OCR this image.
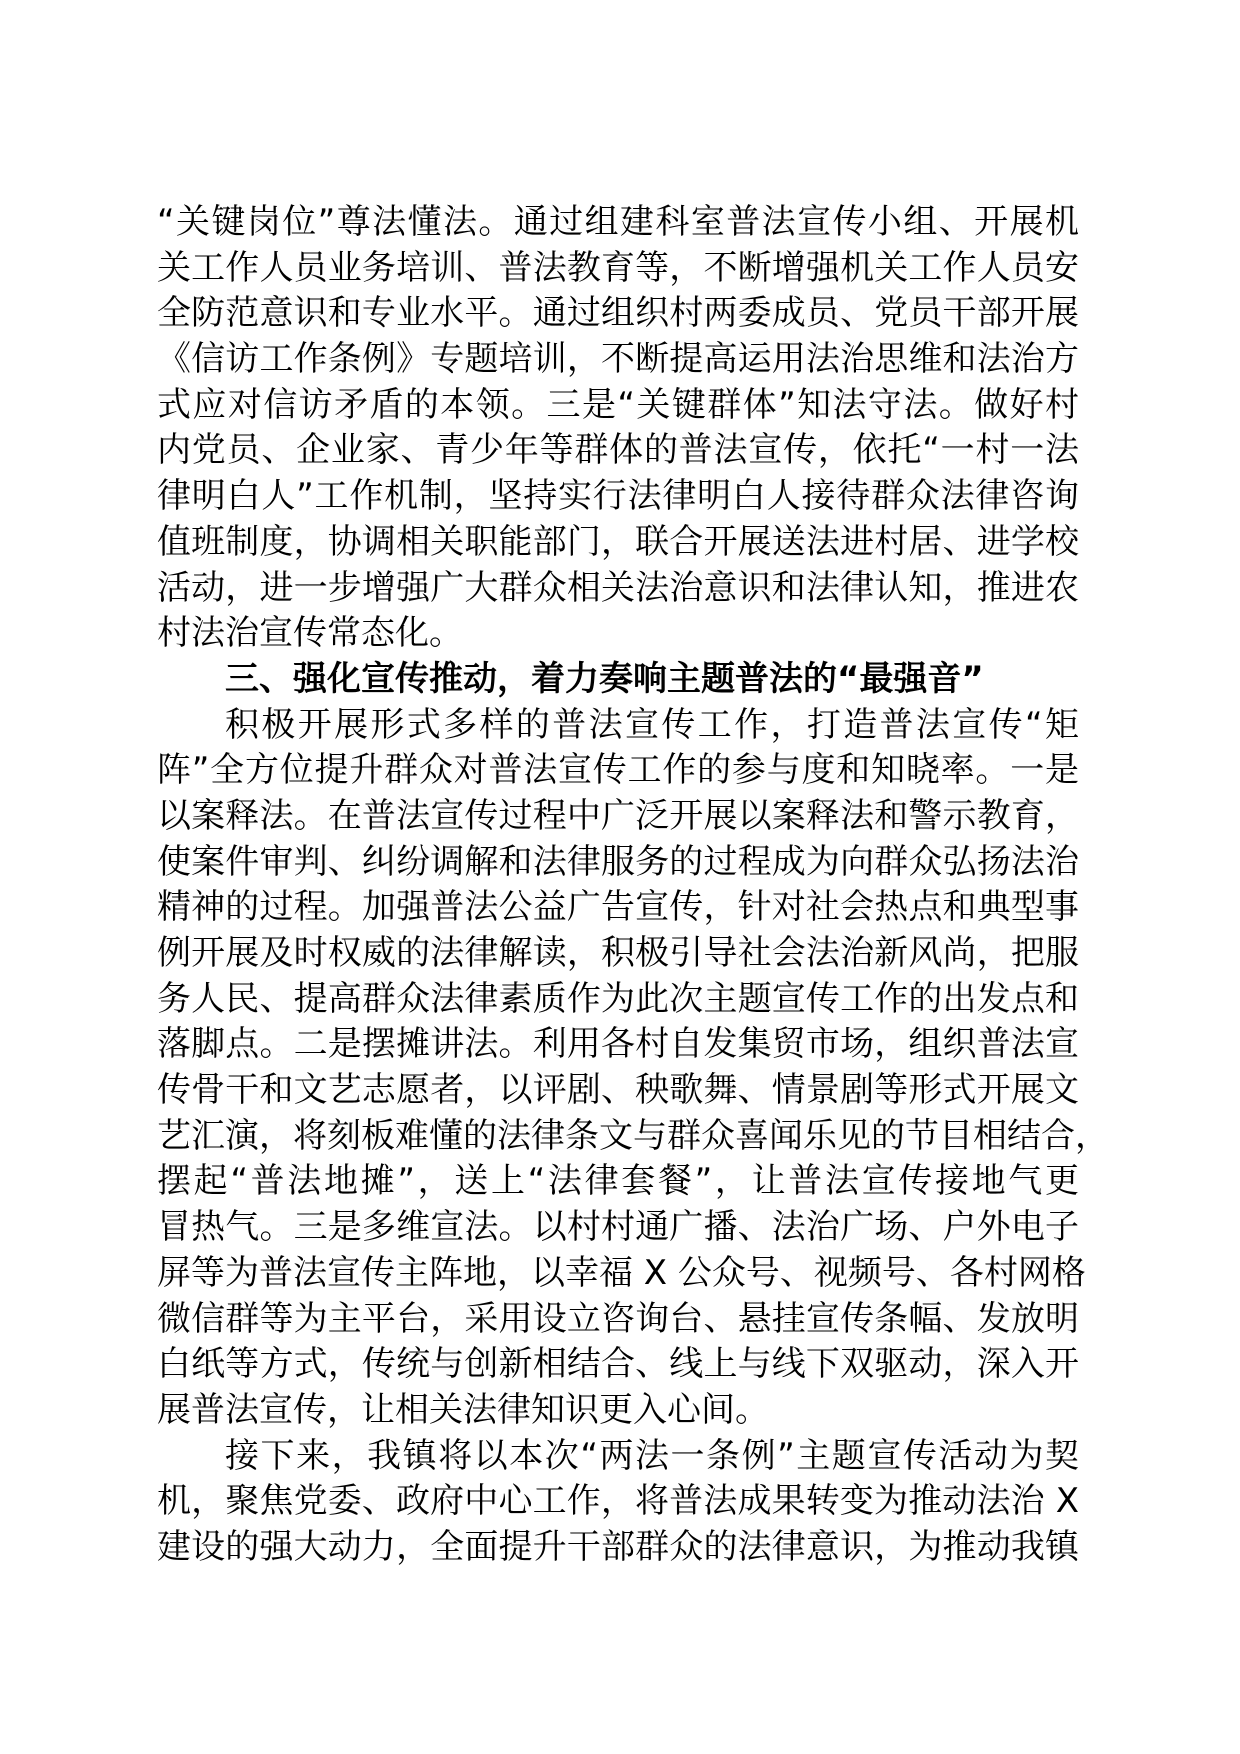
“关键岗位”尊法懂法。通过组建科室普法宣传小组、开展机
关工作人员业务培训、普法教育等，不断增强机关工作人员安
全防范意识和专业水平。通过组织村两委成员、党员干部开展
《信访工作条例》专题培训，不断提高运用法治思维和法治方
式应对信访矛盾的本领。三是“关键群体”知法守法。做好村
内党员、企业家、青少年等群体的普法宣传，依托“一村一法
律明白人”工作机制，坚持实行法律明白人接待群众法律咨询
值班制度，协调相关职能部门，联合开展送法进村居、进学校
活动，进一步增强广大群众相关法治意识和法律认知，推进农
村法治宣传常态化。
三、强化宣传推动，着力奏响主题普法的“最强音”
积极开展形式多样的普法宣传工作，打造普法宣传“矩
阵”全方位提升群众对普法宣传工作的参与度和知晓率。一是
以案释法。在普法宣传过程中广泛开展以案释法和警示教育，
使案件审判、纠纷调解和法律服务的过程成为向群众弘扬法治
精神的过程。加强普法公益广告宣传，针对社会热点和典型事
例开展及时权威的法律解读，积极引导社会法治新风尚，把服
务人民、提高群众法律素质作为此次主题宣传工作的出发点和
落脚点。二是摆摊讲法。利用各村自发集贸市场，组织普法宣
传骨干和文艺志愿者，以评剧、秧歌舞、情景剧等形式开展文
艺汇演，将刻板难懂的法律条文与群众喜闻乐见的节目相结合，
摆起“普法地摊”，送上“法律套餐”，让普法宣传接地气更
冒热气。三是多维宣法。以村村通广播、法治广场、户外电子
屏等为普法宣传主阵地，以幸福 X 公众号、视频号、各村网格
微信群等为主平台，采用设立咨询台、悬挂宣传条幅、发放明
白纸等方式，传统与创新相结合、线上与线下双驱动，深入开
展普法宣传，让相关法律知识更入心间。
接下来，我镇将以本次“两法一条例”主题宣传活动为契
机，聚焦党委、政府中心工作，将普法成果转变为推动法治 X
建设的强大动力，全面提升干部群众的法律意识，为推动我镇
